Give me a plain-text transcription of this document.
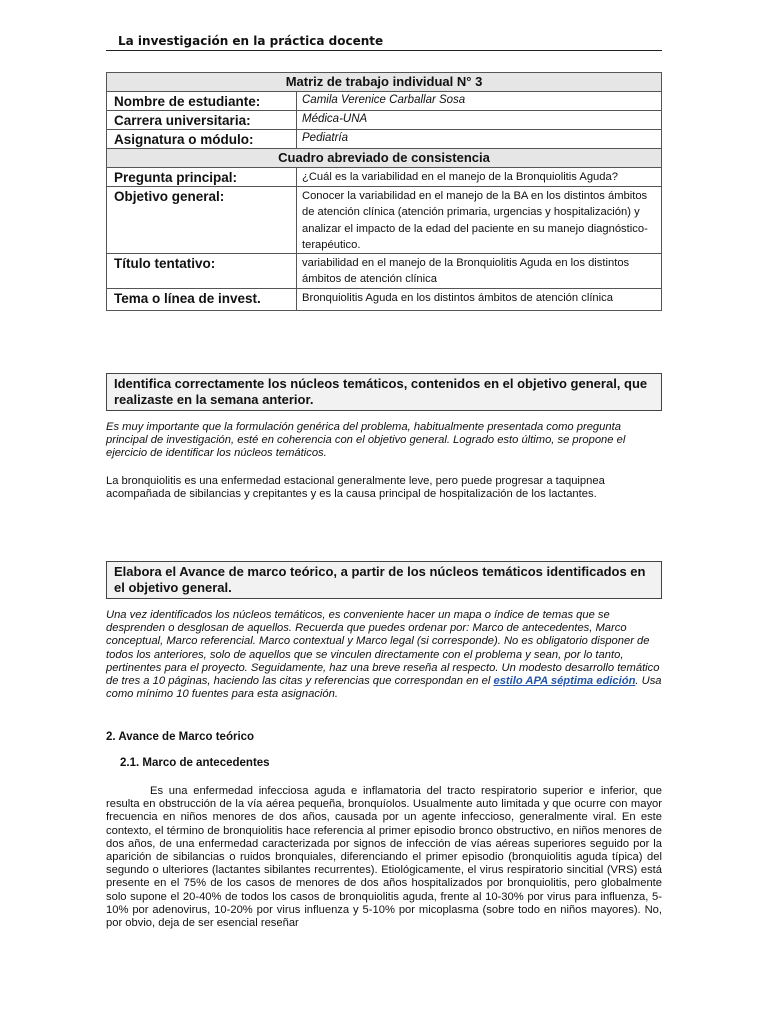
La investigación en la práctica docente
Matriz de trabajo individual N° 3	
Nombre de estudiante:	Camila Verenice Carballar Sosa
Carrera universitaria:	Médica-UNA
Asignatura o módulo:	Pediatría
Cuadro abreviado de consistencia	
Pregunta principal:	¿Cuál es la variabilidad en el manejo de la Bronquiolitis Aguda?
Objetivo general:	Conocer la variabilidad en el manejo de la BA en los distintos ámbitos de atención clínica (atención primaria, urgencias y hospitalización) y analizar el impacto de la edad del paciente en su manejo diagnóstico-terapéutico.
Título tentativo:	variabilidad en el manejo de la Bronquiolitis Aguda en los distintos ámbitos de atención clínica
Tema o línea de invest.	Bronquiolitis Aguda en los distintos ámbitos de atención clínica
Identifica correctamente los núcleos temáticos, contenidos en el objetivo general, que realizaste en la semana anterior.
Es muy importante que la formulación genérica del problema, habitualmente presentada como pregunta principal de investigación, esté en coherencia con el objetivo general. Logrado esto último, se propone el ejercicio de identificar los núcleos temáticos.
La bronquiolitis es una enfermedad estacional generalmente leve, pero puede progresar a taquipnea acompañada de sibilancias y crepitantes y es la causa principal de hospitalización de los lactantes.
Elabora el Avance de marco teórico, a partir de los núcleos temáticos identificados en el objetivo general.
Una vez identificados los núcleos temáticos, es conveniente hacer un mapa o índice de temas que se desprenden o desglosan de aquellos. Recuerda que puedes ordenar por: Marco de antecedentes, Marco conceptual, Marco referencial. Marco contextual y Marco legal (si corresponde). No es obligatorio disponer de todos los anteriores, solo de aquellos que se vinculen directamente con el problema y sean, por lo tanto, pertinentes para el proyecto. Seguidamente, haz una breve reseña al respecto. Un modesto desarrollo temático de tres a 10 páginas, haciendo las citas y referencias que correspondan en el estilo APA séptima edición. Usa como mínimo 10 fuentes para esta asignación.
2. Avance de Marco teórico
2.1. Marco de antecedentes
Es una enfermedad infecciosa aguda e inflamatoria del tracto respiratorio superior e inferior, que resulta en obstrucción de la vía aérea pequeña, bronquíolos. Usualmente auto limitada y que ocurre con mayor frecuencia en niños menores de dos años, causada por un agente infeccioso, generalmente viral. En este contexto, el término de bronquiolitis hace referencia al primer episodio bronco obstructivo, en niños menores de dos años, de una enfermedad caracterizada por signos de infección de vías aéreas superiores seguido por la aparición de sibilancias o ruidos bronquiales, diferenciando el primer episodio (bronquiolitis aguda típica) del segundo o ulteriores (lactantes sibilantes recurrentes). Etiológicamente, el virus respiratorio sincitial (VRS) está presente en el 75% de los casos de menores de dos años hospitalizados por bronquiolitis, pero globalmente solo supone el 20-40% de todos los casos de bronquiolitis aguda, frente al 10-30% por virus para influenza, 5-10% por adenovirus, 10-20% por virus influenza y 5-10% por micoplasma (sobre todo en niños mayores). No, por obvio, deja de ser esencial reseñar
